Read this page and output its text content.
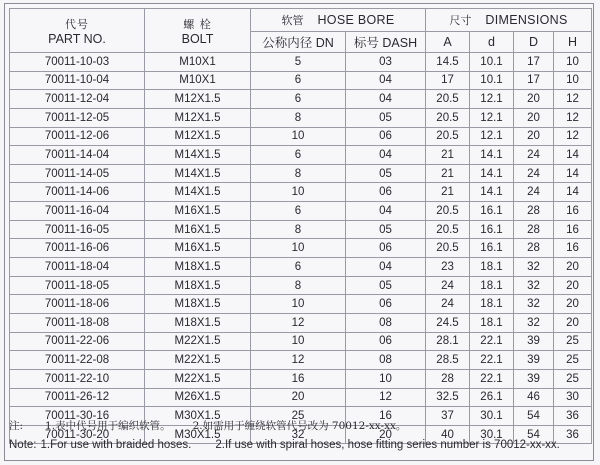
代号
PART NO.	螺 栓
BOLT	软管 HOSE BORE		尺寸 DIMENSIONS			
		公称内径 DN	标号 DASH	A	d	D	H
70011-10-03	M10X1	5	03	14.5	10.1	17	10
70011-10-04	M10X1	6	04	17	10.1	17	10
70011-12-04	M12X1.5	6	04	20.5	12.1	20	12
70011-12-05	M12X1.5	8	05	20.5	12.1	20	12
70011-12-06	M12X1.5	10	06	20.5	12.1	20	12
70011-14-04	M14X1.5	6	04	21	14.1	24	14
70011-14-05	M14X1.5	8	05	21	14.1	24	14
70011-14-06	M14X1.5	10	06	21	14.1	24	14
70011-16-04	M16X1.5	6	04	20.5	16.1	28	16
70011-16-05	M16X1.5	8	05	20.5	16.1	28	16
70011-16-06	M16X1.5	10	06	20.5	16.1	28	16
70011-18-04	M18X1.5	6	04	23	18.1	32	20
70011-18-05	M18X1.5	8	05	24	18.1	32	20
70011-18-06	M18X1.5	10	06	24	18.1	32	20
70011-18-08	M18X1.5	12	08	24.5	18.1	32	20
70011-22-06	M22X1.5	10	06	28.1	22.1	39	25
70011-22-08	M22X1.5	12	08	28.5	22.1	39	25
70011-22-10	M22X1.5	16	10	28	22.1	39	25
70011-26-12	M26X1.5	20	12	32.5	26.1	46	30
70011-30-16	M30X1.5	25	16	37	30.1	54	36
70011-30-20	M30X1.5	32	20	40	30.1	54	36
注: 1.表中代号用于编织软管。 2.如需用于缠绕软管代号改为 70012-xx-xx。
Note: 1.For use with braided hoses. 2.If use with spiral hoses, hose fitting series number is 70012-xx-xx.
